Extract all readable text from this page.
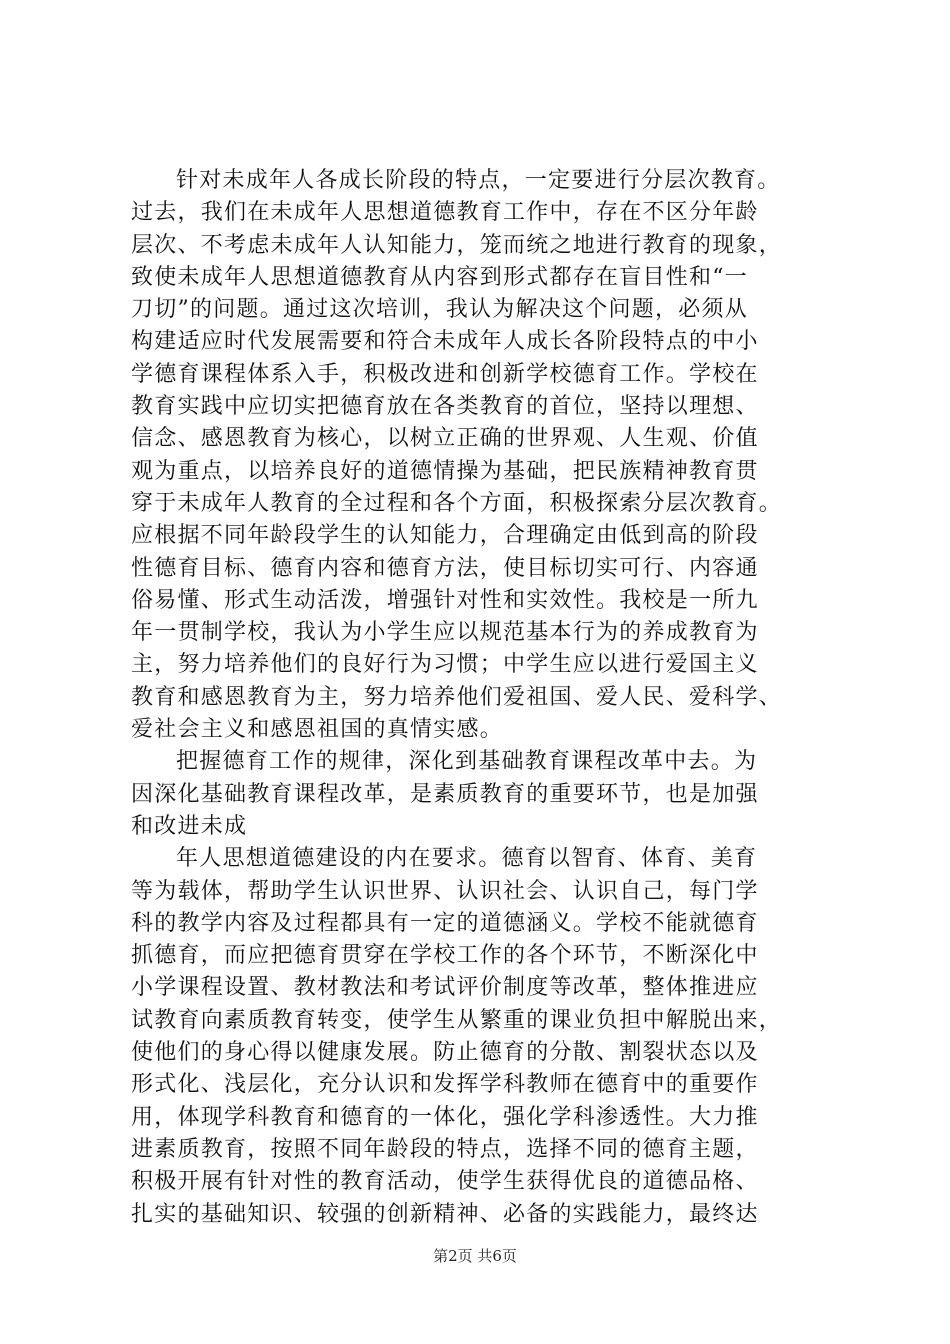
针对未成年人各成长阶段的特点，一定要进行分层次教育。
过去，我们在未成年人思想道德教育工作中，存在不区分年龄
层次、不考虑未成年人认知能力，笼而统之地进行教育的现象，
致使未成年人思想道德教育从内容到形式都存在盲目性和“一
刀切”的问题。通过这次培训，我认为解决这个问题，必须从
构建适应时代发展需要和符合未成年人成长各阶段特点的中小
学德育课程体系入手，积极改进和创新学校德育工作。学校在
教育实践中应切实把德育放在各类教育的首位，坚持以理想、
信念、感恩教育为核心，以树立正确的世界观、人生观、价值
观为重点，以培养良好的道德情操为基础，把民族精神教育贯
穿于未成年人教育的全过程和各个方面，积极探索分层次教育。
应根据不同年龄段学生的认知能力，合理确定由低到高的阶段
性德育目标、德育内容和德育方法，使目标切实可行、内容通
俗易懂、形式生动活泼，增强针对性和实效性。我校是一所九
年一贯制学校，我认为小学生应以规范基本行为的养成教育为
主，努力培养他们的良好行为习惯；中学生应以进行爱国主义
教育和感恩教育为主，努力培养他们爱祖国、爱人民、爱科学、
爱社会主义和感恩祖国的真情实感。
把握德育工作的规律，深化到基础教育课程改革中去。为
因深化基础教育课程改革，是素质教育的重要环节，也是加强
和改进未成
年人思想道德建设的内在要求。德育以智育、体育、美育
等为载体，帮助学生认识世界、认识社会、认识自己，每门学
科的教学内容及过程都具有一定的道德涵义。学校不能就德育
抓德育，而应把德育贯穿在学校工作的各个环节，不断深化中
小学课程设置、教材教法和考试评价制度等改革，整体推进应
试教育向素质教育转变，使学生从繁重的课业负担中解脱出来，
使他们的身心得以健康发展。防止德育的分散、割裂状态以及
形式化、浅层化，充分认识和发挥学科教师在德育中的重要作
用，体现学科教育和德育的一体化，强化学科渗透性。大力推
进素质教育，按照不同年龄段的特点，选择不同的德育主题，
积极开展有针对性的教育活动，使学生获得优良的道德品格、
扎实的基础知识、较强的创新精神、必备的实践能力，最终达
第2页 共6页
